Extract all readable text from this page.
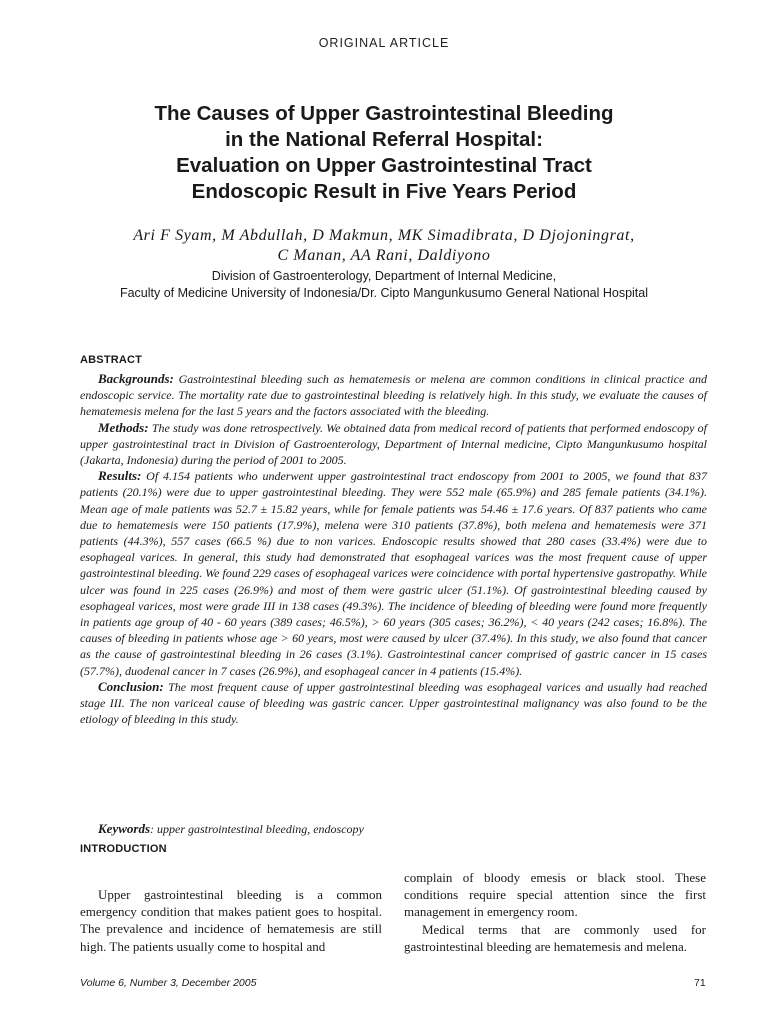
ORIGINAL ARTICLE
The Causes of Upper Gastrointestinal Bleeding
in the National Referral Hospital:
Evaluation on Upper Gastrointestinal Tract
Endoscopic Result in Five Years Period
Ari F Syam, M Abdullah, D Makmun, MK Simadibrata, D Djojoningrat,
C Manan, AA Rani, Daldiyono
Division of Gastroenterology, Department of Internal Medicine,
Faculty of Medicine University of Indonesia/Dr. Cipto Mangunkusumo General National Hospital
ABSTRACT

Backgrounds: Gastrointestinal bleeding such as hematemesis or melena are common conditions in clinical practice and endoscopic service. The mortality rate due to gastrointestinal bleeding is relatively high. In this study, we evaluate the causes of hematemesis melena for the last 5 years and the factors associated with the bleeding.

Methods: The study was done retrospectively. We obtained data from medical record of patients that performed endoscopy of upper gastrointestinal tract in Division of Gastroenterology, Department of Internal medicine, Cipto Mangunkusumo hospital (Jakarta, Indonesia) during the period of 2001 to 2005.

Results: Of 4.154 patients who underwent upper gastrointestinal tract endoscopy from 2001 to 2005, we found that 837 patients (20.1%) were due to upper gastrointestinal bleeding. They were 552 male (65.9%) and 285 female patients (34.1%). Mean age of male patients was 52.7 ± 15.82 years, while for female patients was 54.46 ± 17.6 years. Of 837 patients who came due to hematemesis were 150 patients (17.9%), melena were 310 patients (37.8%), both melena and hematemesis were 371 patients (44.3%), 557 cases (66.5 %) due to non varices. Endoscopic results showed that 280 cases (33.4%) were due to esophageal varices. In general, this study had demonstrated that esophageal varices was the most frequent cause of upper gastrointestinal bleeding. We found 229 cases of esophageal varices were coincidence with portal hypertensive gastropathy. While ulcer was found in 225 cases (26.9%) and most of them were gastric ulcer (51.1%). Of gastrointestinal bleeding caused by esophageal varices, most were grade III in 138 cases (49.3%). The incidence of bleeding of bleeding were found more frequently in patients age group of 40 - 60 years (389 cases; 46.5%), > 60 years (305 cases; 36.2%), < 40 years (242 cases; 16.8%). The causes of bleeding in patients whose age > 60 years, most were caused by ulcer (37.4%). In this study, we also found that cancer as the cause of gastrointestinal bleeding in 26 cases (3.1%). Gastrointestinal cancer comprised of gastric cancer in 15 cases (57.7%), duodenal cancer in 7 cases (26.9%), and esophageal cancer in 4 patients (15.4%).

Conclusion: The most frequent cause of upper gastrointestinal bleeding was esophageal varices and usually had reached stage III. The non variceal cause of bleeding was gastric cancer. Upper gastrointestinal malignancy was also found to be the etiology of bleeding in this study.

Keywords: upper gastrointestinal bleeding, endoscopy
INTRODUCTION

Upper gastrointestinal bleeding is a common emergency condition that makes patient goes to hospital. The prevalence and incidence of hematemesis are still high. The patients usually come to hospital and

complain of bloody emesis or black stool. These conditions require special attention since the first management in emergency room.

Medical terms that are commonly used for gastrointestinal bleeding are hematemesis and melena.

Volume 6, Number 3, December 2005	71
